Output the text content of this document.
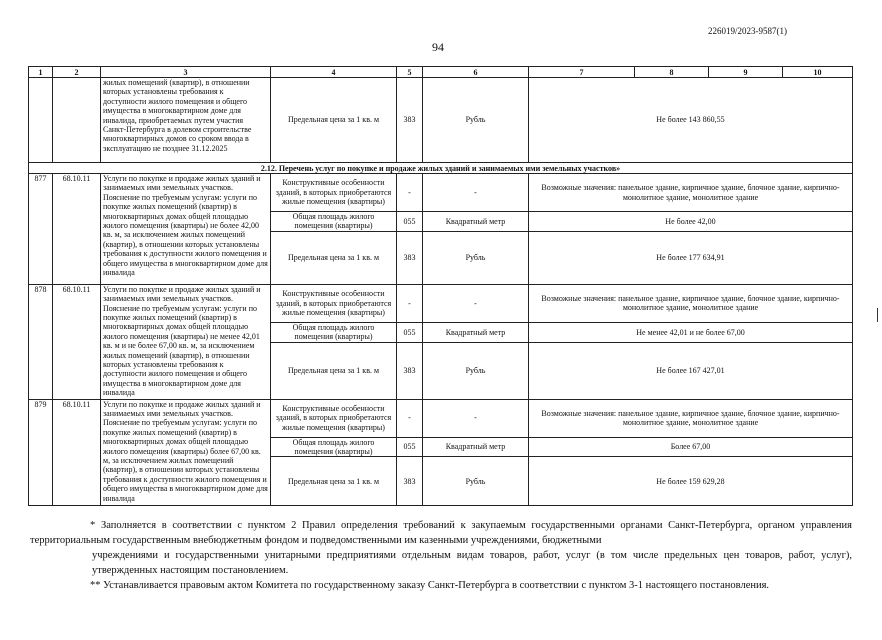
226019/2023-9587(1)
94
1	2	3	4	5	6	7	8	9	10
		жилых помещений (квартир), в отношении которых установлены требования к доступности жилого помещения и общего имущества в многоквартирном доме для инвалида, приобретаемых путем участия Санкт-Петербурга в долевом строительстве многоквартирных домов со сроком ввода в эксплуатацию не позднее 31.12.2025	Предельная цена за 1 кв. м	383	Рубль	Не более 143 860,55			
2.12. Перечень услуг по покупке и продаже жилых зданий и занимаемых ими земельных участков»									
877	68.10.11	Услуги по покупке и продаже жилых зданий и занимаемых ими земельных участков. Пояснение по требуемым услугам: услуги по покупке жилых помещений (квартир) в многоквартирных домах общей площадью жилого помещения (квартиры) не более 42,00 кв. м, за исключением жилых помещений (квартир), в отношении которых установлены требования к доступности жилого помещения и общего имущества в многоквартирном доме для инвалида	Конструктивные особенности зданий, в которых приобретаются жилые помещения (квартиры)	-	-	Возможные значения: панельное здание, кирпичное здание, блочное здание, кирпично-монолитное здание, монолитное здание			
			Общая площадь жилого помещения (квартиры)	055	Квадратный метр	Не более 42,00			
			Предельная цена за 1 кв. м	383	Рубль	Не более 177 634,91			
878	68.10.11	Услуги по покупке и продаже жилых зданий и занимаемых ими земельных участков. Пояснение по требуемым услугам: услуги по покупке жилых помещений (квартир) в многоквартирных домах общей площадью жилого помещения (квартиры) не менее 42,01 кв. м и не более 67,00 кв. м, за исключением жилых помещений (квартир), в отношении которых установлены требования к доступности жилого помещения и общего имущества в многоквартирном доме для инвалида	Конструктивные особенности зданий, в которых приобретаются жилые помещения (квартиры)	-	-	Возможные значения: панельное здание, кирпичное здание, блочное здание, кирпично-монолитное здание, монолитное здание			
			Общая площадь жилого помещения (квартиры)	055	Квадратный метр	Не менее 42,01 и не более 67,00			
			Предельная цена за 1 кв. м	383	Рубль	Не более 167 427,01			
879	68.10.11	Услуги по покупке и продаже жилых зданий и занимаемых ими земельных участков. Пояснение по требуемым услугам: услуги по покупке жилых помещений (квартир) в многоквартирных домах общей площадью жилого помещения (квартиры) более 67,00 кв. м, за исключением жилых помещений (квартир), в отношении которых установлены требования к доступности жилого помещения и общего имущества в многоквартирном доме для инвалида	Конструктивные особенности зданий, в которых приобретаются жилые помещения (квартиры)	-	-	Возможные значения: панельное здание, кирпичное здание, блочное здание, кирпично-монолитное здание, монолитное здание			
			Общая площадь жилого помещения (квартиры)	055	Квадратный метр	Более 67,00			
			Предельная цена за 1 кв. м	383	Рубль	Не более 159 629,28			

* Заполняется в соответствии с пунктом 2 Правил определения требований к закупаемым государственными органами Санкт-Петербурга, органом управления территориальным государственным внебюджетным фондом и подведомственными им казенными учреждениями, бюджетными

учреждениями и государственными унитарными предприятиями отдельным видам товаров, работ, услуг (в том числе предельных цен товаров, работ, услуг), утвержденных настоящим постановлением.

** Устанавливается правовым актом Комитета по государственному заказу Санкт-Петербурга в соответствии с пунктом 3-1 настоящего постановления.
